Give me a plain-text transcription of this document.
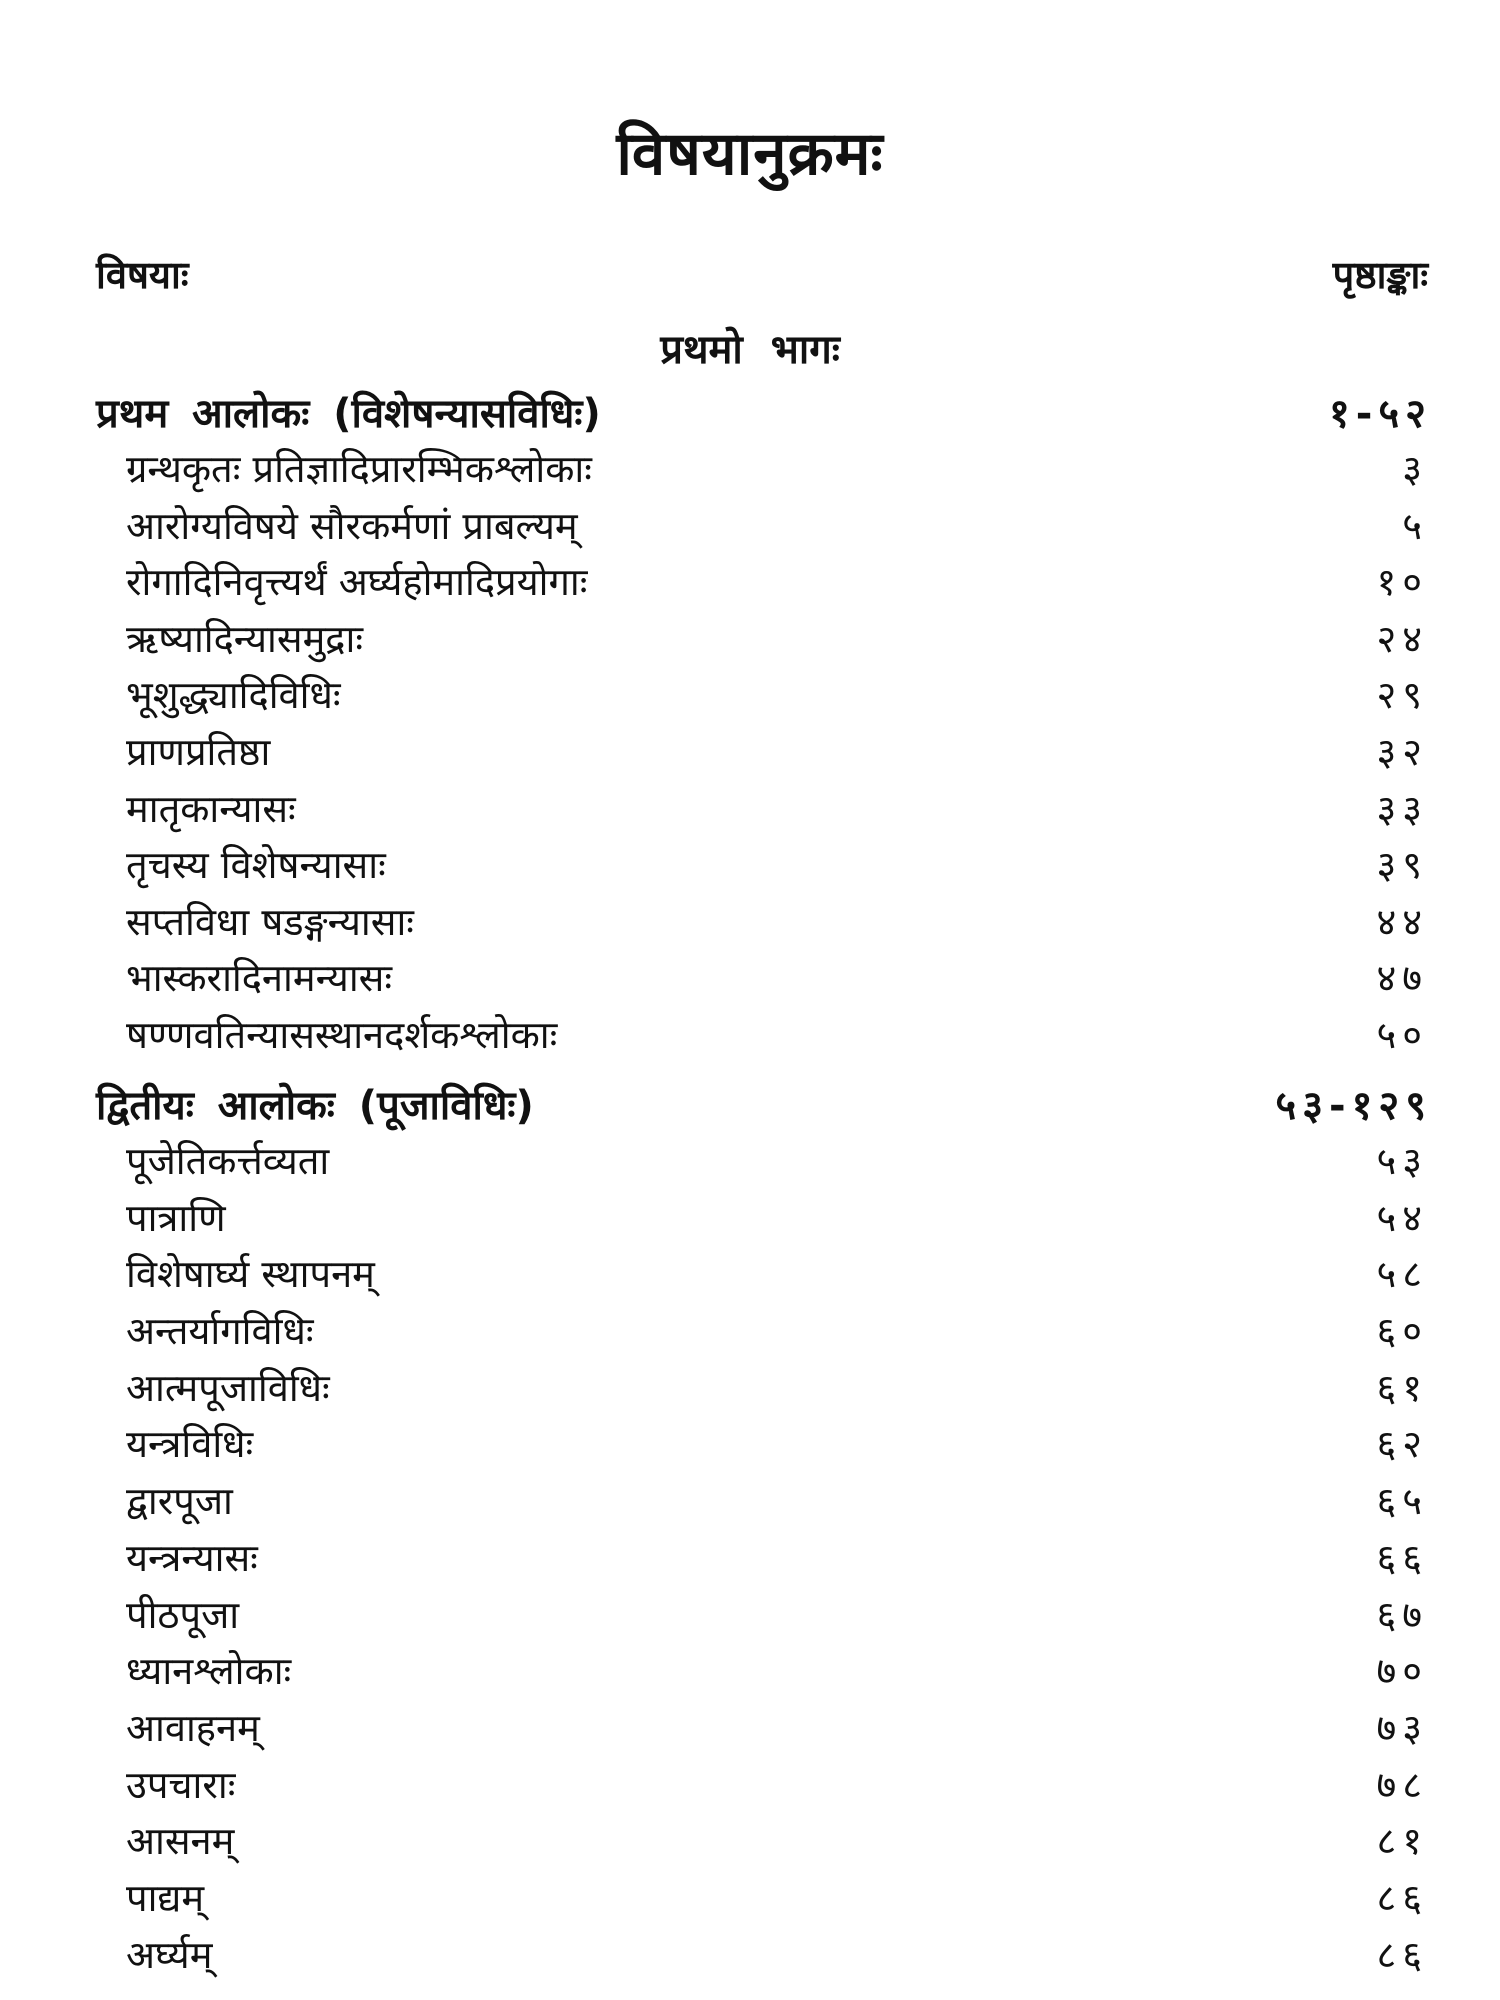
विषयानुक्रमः
विषयाः	पृष्ठाङ्काः
प्रथमो भागः
प्रथम आलोकः (विशेषन्यासविधिः)	१-५२
ग्रन्थकृतः प्रतिज्ञादिप्रारम्भिकश्लोकाः	३
आरोग्यविषये सौरकर्मणां प्राबल्यम्	५
रोगादिनिवृत्त्यर्थं अर्घ्यहोमादिप्रयोगाः	१०
ऋष्यादिन्यासमुद्राः	२४
भूशुद्ध्यादिविधिः	२९
प्राणप्रतिष्ठा	३२
मातृकान्यासः	३३
तृचस्य विशेषन्यासाः	३९
सप्तविधा षडङ्गन्यासाः	४४
भास्करादिनामन्यासः	४७
षण्णवतिन्यासस्थानदर्शकश्लोकाः	५०
द्वितीयः आलोकः (पूजाविधिः)	५३-१२९
पूजेतिकर्त्तव्यता	५३
पात्राणि	५४
विशेषार्घ्य स्थापनम्	५८
अन्तर्यागविधिः	६०
आत्मपूजाविधिः	६१
यन्त्रविधिः	६२
द्वारपूजा	६५
यन्त्रन्यासः	६६
पीठपूजा	६७
ध्यानश्लोकाः	७०
आवाहनम्	७३
उपचाराः	७८
आसनम्	८१
पाद्यम्	८६
अर्घ्यम्	८६
